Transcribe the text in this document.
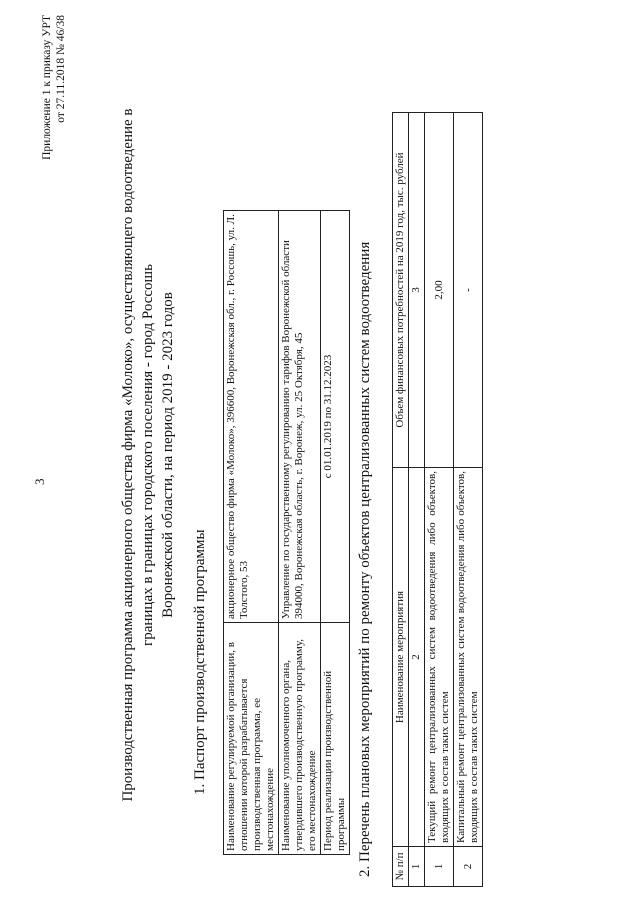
3
Приложение 1 к приказу УРТ от 27.11.2018 № 46/38
Производственная программа акционерного общества фирма «Молоко», осуществляющего водоотведение в границах в границах городского поселения - город Россошь Воронежской области, на период 2019 - 2023 годов
1. Паспорт производственной программы Наименование регулируемой организации, в отношении которой разрабатывается производственная программа, ее местонахождение	акционерное общество фирма «Молоко», 396600, Воронежская обл., г. Россошь, ул. Л. Толстого, 53
Наименование уполномоченного органа, утвердившего производственную программу, его местонахождение	Управление по государственному регулированию тарифов Воронежской области 394000, Воронежская область, г. Воронеж, ул. 25 Октября, 45
Период реализации производственной программы	с 01.01.2019 по 31.12.2023 2. Перечень плановых мероприятий по ремонту объектов централизованных систем водоотведения № п/п	Наименование мероприятия	Объем финансовых потребностей на 2019 год, тыс. рублей
1	2	3
1	Текущий ремонт централизованных систем водоотведения либо объектов, входящих в состав таких систем	2,00
2	Капитальный ремонт централизованных систем водоотведения либо объектов, входящих в состав таких систем	-
